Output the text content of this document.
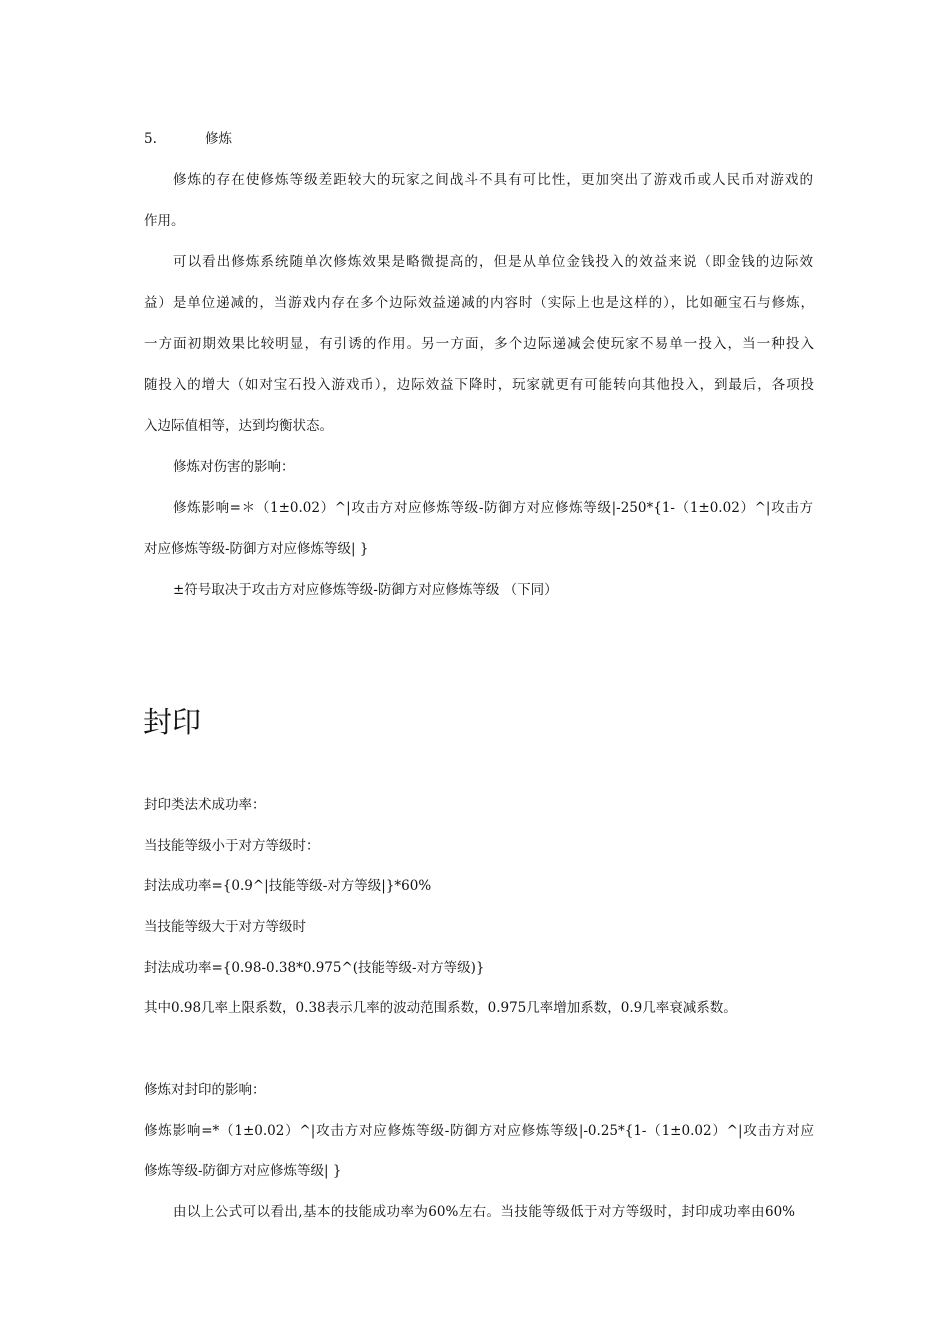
5.	修炼
修炼的存在使修炼等级差距较大的玩家之间战斗不具有可比性，更加突出了游戏币或人民币对游戏的
作用。
可以看出修炼系统随单次修炼效果是略微提高的，但是从单位金钱投入的效益来说（即金钱的边际效
益）是单位递减的，当游戏内存在多个边际效益递减的内容时（实际上也是这样的），比如砸宝石与修炼，
一方面初期效果比较明显，有引诱的作用。另一方面，多个边际递减会使玩家不易单一投入，当一种投入
随投入的增大（如对宝石投入游戏币），边际效益下降时，玩家就更有可能转向其他投入，到最后，各项投
入边际值相等，达到均衡状态。
修炼对伤害的影响：
修炼影响=＊（1±0.02）^|攻击方对应修炼等级-防御方对应修炼等级|-250*{1-（1±0.02）^|攻击方
对应修炼等级-防御方对应修炼等级| }
±符号取决于攻击方对应修炼等级-防御方对应修炼等级 （下同）
封印
封印类法术成功率：
当技能等级小于对方等级时：
封法成功率={0.9^|技能等级-对方等级|}*60%
当技能等级大于对方等级时
封法成功率={0.98-0.38*0.975^(技能等级-对方等级)}
其中0.98几率上限系数，0.38表示几率的波动范围系数，0.975几率增加系数，0.9几率衰减系数。
修炼对封印的影响：
修炼影响=*（1±0.02）^|攻击方对应修炼等级-防御方对应修炼等级|-0.25*{1-（1±0.02）^|攻击方对应
修炼等级-防御方对应修炼等级| }
由以上公式可以看出,基本的技能成功率为60%左右。当技能等级低于对方等级时，封印成功率由60%
